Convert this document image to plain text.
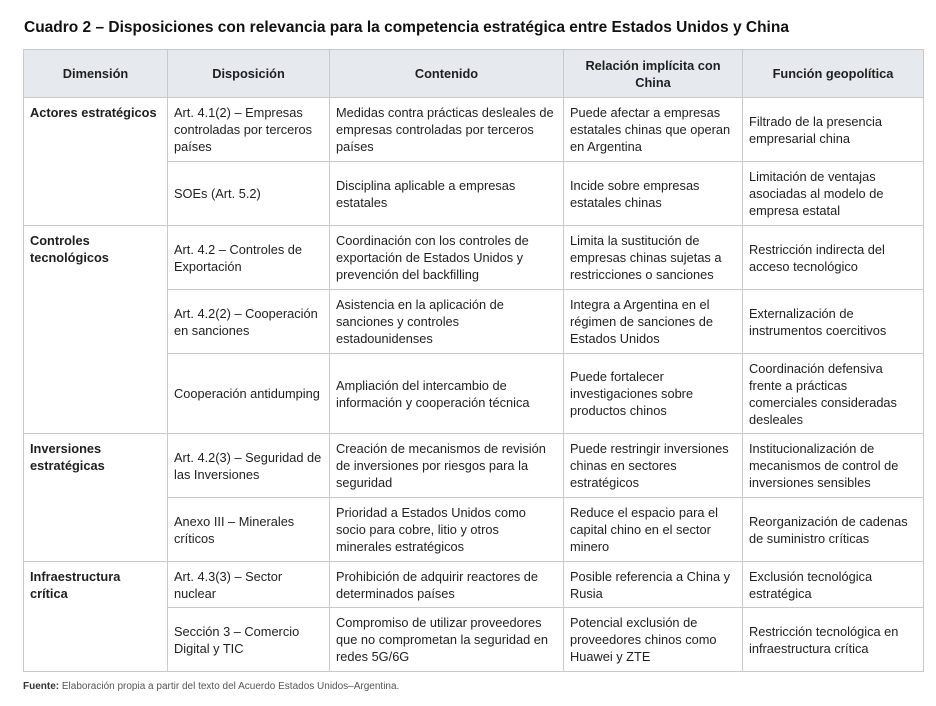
Cuadro 2 – Disposiciones con relevancia para la competencia estratégica entre Estados Unidos y China
Dimensión	Disposición	Contenido	Relación implícita con China	Función geopolítica
Actores estratégicos	Art. 4.1(2) – Empresas controladas por terceros países	Medidas contra prácticas desleales de empresas controladas por terceros países	Puede afectar a empresas estatales chinas que operan en Argentina	Filtrado de la presencia empresarial china
	SOEs (Art. 5.2)	Disciplina aplicable a empresas estatales	Incide sobre empresas estatales chinas	Limitación de ventajas asociadas al modelo de empresa estatal
Controles tecnológicos	Art. 4.2 – Controles de Exportación	Coordinación con los controles de exportación de Estados Unidos y prevención del backfilling	Limita la sustitución de empresas chinas sujetas a restricciones o sanciones	Restricción indirecta del acceso tecnológico
	Art. 4.2(2) – Cooperación en sanciones	Asistencia en la aplicación de sanciones y controles estadounidenses	Integra a Argentina en el régimen de sanciones de Estados Unidos	Externalización de instrumentos coercitivos
	Cooperación antidumping	Ampliación del intercambio de información y cooperación técnica	Puede fortalecer investigaciones sobre productos chinos	Coordinación defensiva frente a prácticas comerciales consideradas desleales
Inversiones estratégicas	Art. 4.2(3) – Seguridad de las Inversiones	Creación de mecanismos de revisión de inversiones por riesgos para la seguridad	Puede restringir inversiones chinas en sectores estratégicos	Institucionalización de mecanismos de control de inversiones sensibles
	Anexo III – Minerales críticos	Prioridad a Estados Unidos como socio para cobre, litio y otros minerales estratégicos	Reduce el espacio para el capital chino en el sector minero	Reorganización de cadenas de suministro críticas
Infraestructura crítica	Art. 4.3(3) – Sector nuclear	Prohibición de adquirir reactores de determinados países	Posible referencia a China y Rusia	Exclusión tecnológica estratégica
	Sección 3 – Comercio Digital y TIC	Compromiso de utilizar proveedores que no comprometan la seguridad en redes 5G/6G	Potencial exclusión de proveedores chinos como Huawei y ZTE	Restricción tecnológica en infraestructura crítica
Fuente: Elaboración propia a partir del texto del Acuerdo Estados Unidos–Argentina.
